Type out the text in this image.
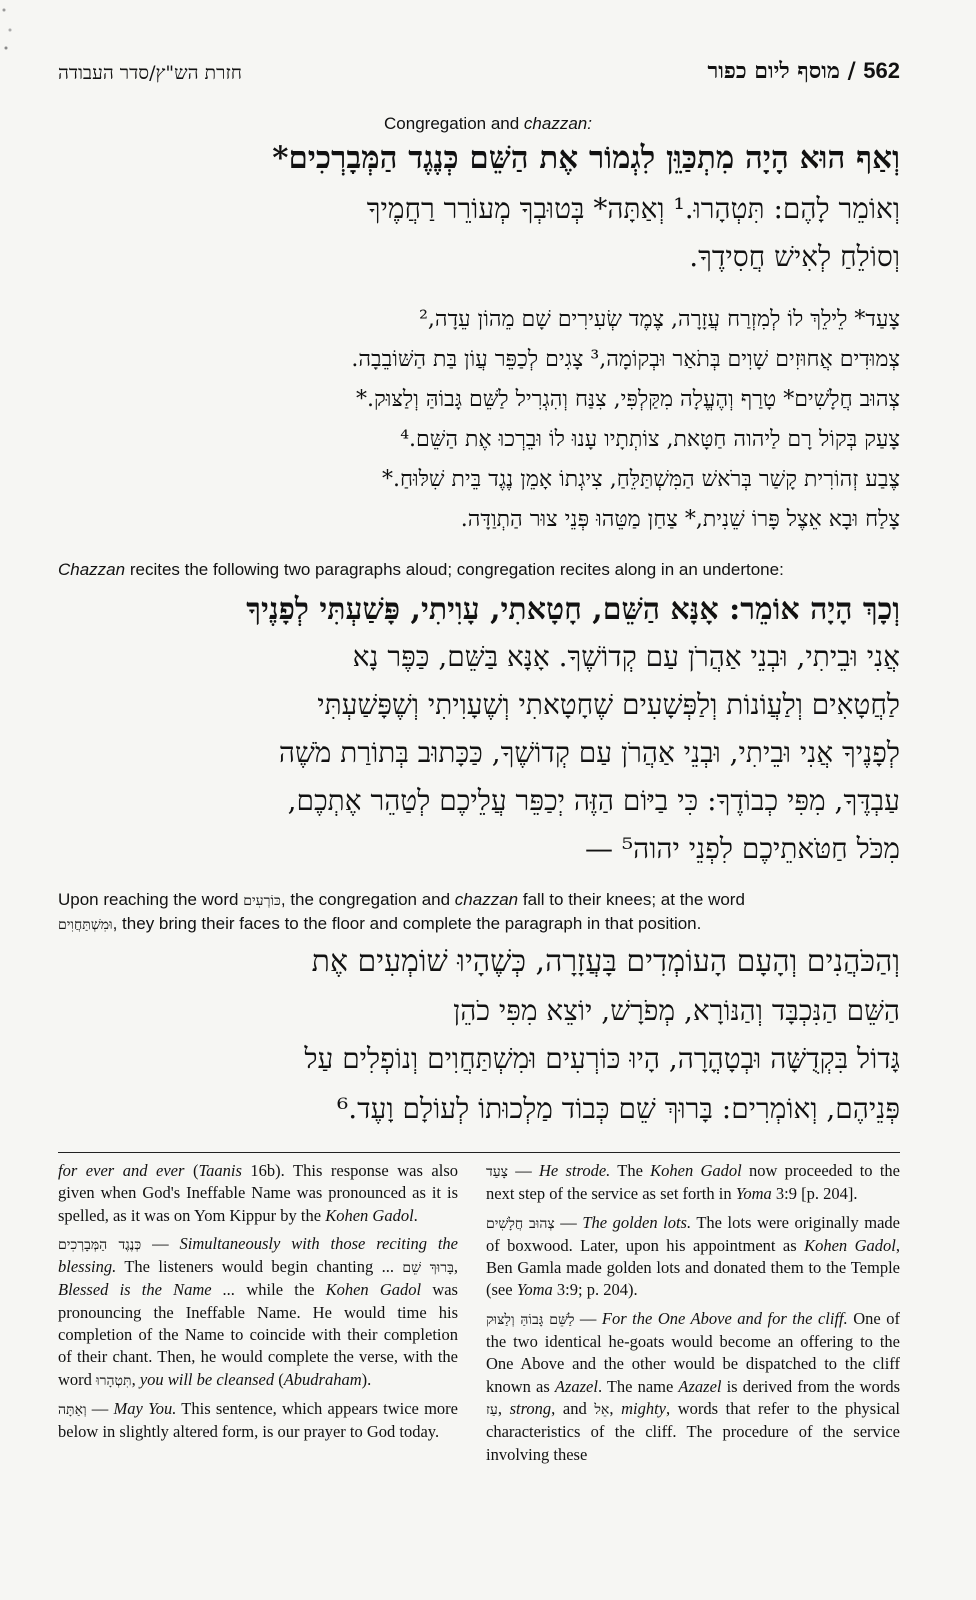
חזרת הש"ץ/סדר העבודה	מוסף ליום כפור / 562
Congregation and chazzan:
וְאַף הוּא הָיָה מִתְכַּוֵּן לִגְמוֹר אֶת הַשֵּׁם כְּנֶגֶד הַמְּבָרְכִים*
וְאוֹמֵר לָהֶם: תִּטְהָרוּ.¹ וְאַתָּה* בְּטוּבְךָ מְעוֹרֵר רַחֲמֶיךָ
וְסוֹלֵחַ לְאִישׁ חֲסִידֶךָ.
צָעַד* לֵילֵךְ לוֹ לְמִזְרַח עֲזָרָה, צֶמֶד שְׂעִירִים שָׁם מֵהוֹן עֵדָה,²
צְמוּדִים אֲחוּזִים שָׁוִים בְּתֹאַר וּבְקוֹמָה,³ צָגִים לְכַפֵּר עֲוֹן בַּת הַשּׁוֹבֵבָה.
צְהוּב חֲלָשִׁים* טָרַף וְהֶעֱלָה מִקַּלְפִּי, צִנַּח וְהִגְרִיל לַשֵּׁם גָּבוֹהַּ וְלַצּוּק.*
צָעַק בְּקוֹל רָם לַיהוה חַטָּאת, צוֹתְתָיו עָנוּ לוֹ וּבֵרְכוּ אֶת הַשֵּׁם.⁴
צֶבַע זְהוֹרִית קָשַׁר בְּרֹאשׁ הַמִּשְׁתַּלֵּחַ, צִיגְתוֹ אָמֵן נֶגֶד בֵּית שִׁלּוּחַ.*
צָלַח וּבָא אֵצֶל פָּרוֹ שֵׁנִית,* צַחַן מַטֵּהוּ פְּנֵי צוּר הַתְוַדָּה.
Chazzan recites the following two paragraphs aloud; congregation recites along in an undertone:
וְכָךְ הָיָה אוֹמֵר: אָנָּא הַשֵּׁם, חָטָאתִי, עָוִיתִי, פָּשַׁעְתִּי לְפָנֶיךָ
אֲנִי וּבֵיתִי, וּבְנֵי אַהֲרֹן עַם קְדוֹשֶׁךָ. אָנָּא בַּשֵּׁם, כַּפֶּר נָא
לַחֲטָאִים וְלַעֲוֹנוֹת וְלַפְּשָׁעִים שֶׁחָטָאתִי וְשֶׁעָוִיתִי וְשֶׁפָּשַׁעְתִּי
לְפָנֶיךָ אֲנִי וּבֵיתִי, וּבְנֵי אַהֲרֹן עַם קְדוֹשֶׁךָ, כַּכָּתוּב בְּתוֹרַת מֹשֶׁה
עַבְדֶּךָ, מִפִּי כְבוֹדֶךָ: כִּי בַיּוֹם הַזֶּה יְכַפֵּר עֲלֵיכֶם לְטַהֵר אֶתְכֶם,
מִכֹּל חַטֹּאתֵיכֶם לִפְנֵי יהוה⁵ —
Upon reaching the word כּוֹרְעִים, the congregation and chazzan fall to their knees; at the word
וּמִשְׁתַּחֲוִים, they bring their faces to the floor and complete the paragraph in that position.
וְהַכֹּהֲנִים וְהָעָם הָעוֹמְדִים בָּעֲזָרָה, כְּשֶׁהָיוּ שׁוֹמְעִים אֶת
הַשֵּׁם הַנִּכְבָּד וְהַנּוֹרָא, מְפֹרָשׁ, יוֹצֵא מִפִּי כֹהֵן
גָּדוֹל בִּקְדֻשָּׁה וּבְטָהֳרָה, הָיוּ כּוֹרְעִים וּמִשְׁתַּחֲוִים וְנוֹפְלִים עַל
פְּנֵיהֶם, וְאוֹמְרִים: בָּרוּךְ שֵׁם כְּבוֹד מַלְכוּתוֹ לְעוֹלָם וָעֶד.⁶

for ever and ever (Taanis 16b). This response was also given when God's Ineffable Name was pronounced as it is spelled, as it was on Yom Kippur by the Kohen Gadol.

כְּנֶגֶד הַמְּבָרְכִים — Simultaneously with those reciting the blessing. The listeners would begin chanting ... בָּרוּךְ שֵׁם, Blessed is the Name ... while the Kohen Gadol was pronouncing the Ineffable Name. He would time his completion of the Name to coincide with their completion of their chant. Then, he would complete the verse, with the word תִּטְהָרוּ, you will be cleansed (Abudraham).

וְאַתָּה — May You. This sentence, which appears twice more below in slightly altered form, is our prayer to God today.

צָעַד — He strode. The Kohen Gadol now proceeded to the next step of the service as set forth in Yoma 3:9 [p. 204].

צְהוּב חֲלָשִׁים — The golden lots. The lots were originally made of boxwood. Later, upon his appointment as Kohen Gadol, Ben Gamla made golden lots and donated them to the Temple (see Yoma 3:9; p. 204).

לַשֵּׁם גָּבוֹהַּ וְלַצּוּק — For the One Above and for the cliff. One of the two identical he-goats would become an offering to the One Above and the other would be dispatched to the cliff known as Azazel. The name Azazel is derived from the words עַז, strong, and אֵל, mighty, words that refer to the physical characteristics of the cliff. The procedure of the service involving these
